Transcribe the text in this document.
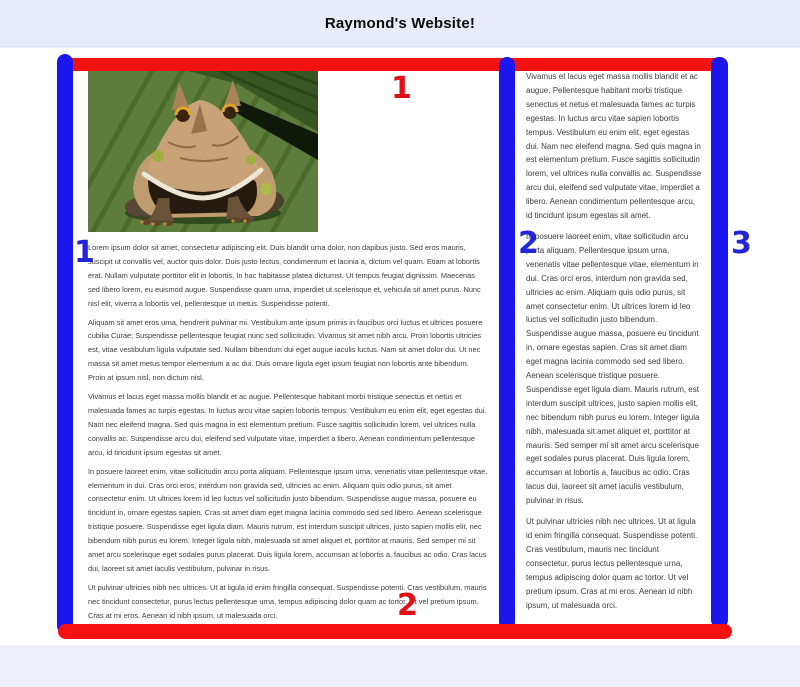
Raymond's Website!

Lorem ipsum dolor sit amet, consectetur adipiscing elit. Duis blandit urna dolor, non dapibus justo. Sed eros mauris, suscipit ut convallis vel, auctor quis dolor. Duis justo lectus, condimentum et lacinia a, dictum vel quam. Etiam at lobortis erat. Nullam vulputate porttitor elit in lobortis. In hac habitasse platea dictumst. Ut tempus feugiat dignissim. Maecenas sed libero lorem, eu euismod augue. Suspendisse quam urna, imperdiet ut scelerisque et, vehicula sit amet purus. Nunc nisl elit, viverra a lobortis vel, pellentesque ut metus. Suspendisse potenti.

Aliquam sit amet eros urna, hendrerit pulvinar mi. Vestibulum ante ipsum primis in faucibus orci luctus et ultrices posuere cubilia Curae; Suspendisse pellentesque feugiat nunc sed sollicitudin. Vivamus sit amet nibh arcu. Proin lobortis ultricies est, vitae vestibulum ligula vulputate sed. Nullam bibendum dui eget augue iaculis luctus. Nam sit amet dolor dui. Ut nec massa sit amet metus tempor elementum a ac dui. Duis ornare ligula eget ipsum feugiat non lobortis ante bibendum. Proin at ipsum nisl, non dictum nisl.

Vivamus et lacus eget massa mollis blandit et ac augue. Pellentesque habitant morbi tristique senectus et netus et malesuada fames ac turpis egestas. In luctus arcu vitae sapien lobortis tempus. Vestibulum eu enim elit, eget egestas dui. Nam nec eleifend magna. Sed quis magna in est elementum pretium. Fusce sagittis sollicitudin lorem, vel ultrices nulla convallis ac. Suspendisse arcu dui, eleifend sed vulputate vitae, imperdiet a libero. Aenean condimentum pellentesque arcu, id tincidunt ipsum egestas sit amet.

In posuere laoreet enim, vitae sollicitudin arcu porta aliquam. Pellentesque ipsum urna, venenatis vitae pellentesque vitae, elementum in dui. Cras orci eros, interdum non gravida sed, ultricies ac enim. Aliquam quis odio purus, sit amet consectetur enim. Ut ultrices lorem id leo luctus vel sollicitudin justo bibendum. Suspendisse augue massa, posuere eu tincidunt in, ornare egestas sapien. Cras sit amet diam eget magna lacinia commodo sed sed libero. Aenean scelerisque tristique posuere. Suspendisse eget ligula diam. Mauris rutrum, est interdum suscipit ultrices, justo sapien mollis elit, nec bibendum nibh purus eu lorem. Integer ligula nibh, malesuada sit amet aliquet et, porttitor at mauris. Sed semper mi sit amet arcu scelerisque eget sodales purus placerat. Duis ligula lorem, accumsan at lobortis a, faucibus ac odio. Cras lacus dui, laoreet sit amet iaculis vestibulum, pulvinar in risus.

Ut pulvinar ultricies nibh nec ultrices. Ut at ligula id enim fringilla consequat. Suspendisse potenti. Cras vestibulum, mauris nec tincidunt consectetur, purus lectus pellentesque urna, tempus adipiscing dolor quam ac tortor. Ut vel pretium ipsum. Cras at mi eros. Aenean id nibh ipsum, ut malesuada orci.

Vivamus et lacus eget massa mollis blandit et ac augue. Pellentesque habitant morbi tristique senectus et netus et malesuada fames ac turpis egestas. In luctus arcu vitae sapien lobortis tempus. Vestibulum eu enim elit, eget egestas dui. Nam nec eleifend magna. Sed quis magna in est elementum pretium. Fusce sagittis sollicitudin lorem, vel ultrices nulla convallis ac. Suspendisse arcu dui, eleifend sed vulputate vitae, imperdiet a libero. Aenean condimentum pellentesque arcu, id tincidunt ipsum egestas sit amet.

In posuere laoreet enim, vitae sollicitudin arcu porta aliquam. Pellentesque ipsum urna, venenatis vitae pellentesque vitae, elementum in dui. Cras orci eros, interdum non gravida sed, ultricies ac enim. Aliquam quis odio purus, sit amet consectetur enim. Ut ultrices lorem id leo luctus vel sollicitudin justo bibendum. Suspendisse augue massa, posuere eu tincidunt in, ornare egestas sapien. Cras sit amet diam eget magna lacinia commodo sed sed libero. Aenean scelerisque tristique posuere. Suspendisse eget ligula diam. Mauris rutrum, est interdum suscipit ultrices, justo sapien mollis elit, nec bibendum nibh purus eu lorem. Integer ligula nibh, malesuada sit amet aliquet et, porttitor at mauris. Sed semper mi sit amet arcu scelerisque eget sodales purus placerat. Duis ligula lorem, accumsan at lobortis a, faucibus ac odio. Cras lacus dui, laoreet sit amet iaculis vestibulum, pulvinar in risus.

Ut pulvinar ultricies nibh nec ultrices. Ut at ligula id enim fringilla consequat. Suspendisse potenti. Cras vestibulum, mauris nec tincidunt consectetur, purus lectus pellentesque urna, tempus adipiscing dolor quam ac tortor. Ut vel pretium ipsum. Cras at mi eros. Aenean id nibh ipsum, ut malesuada orci.

1
1	2
2
3
